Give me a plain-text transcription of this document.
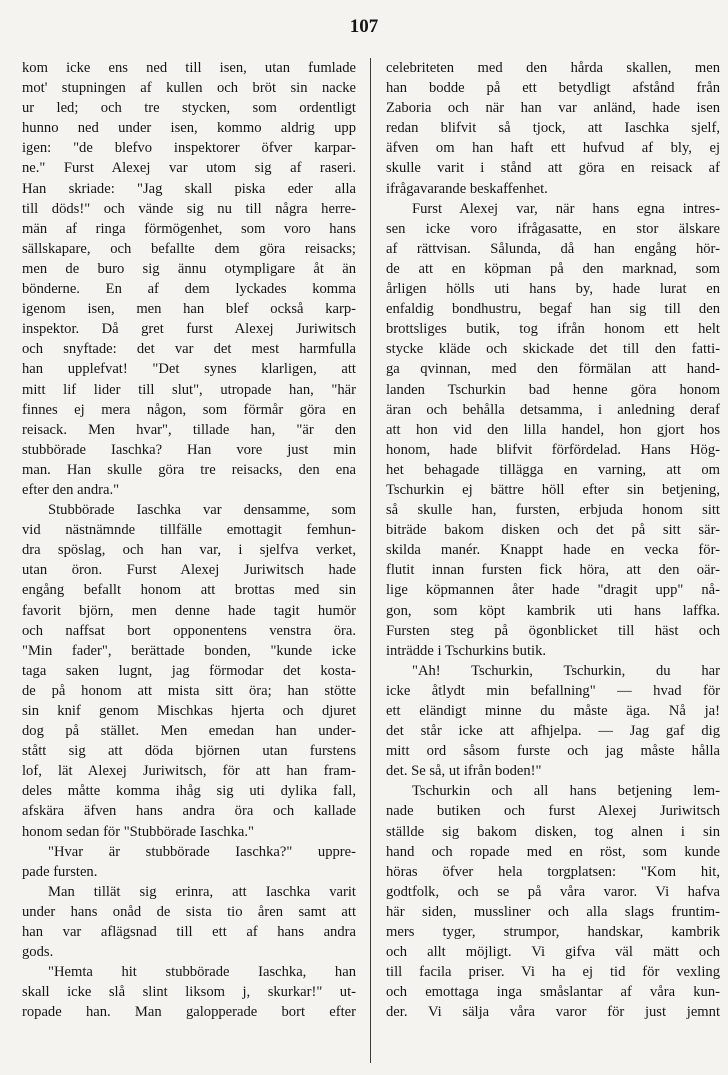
107
kom icke ens ned till isen, utan fumlade
mot' stupningen af kullen och bröt sin nacke
ur led; och tre stycken, som ordentligt
hunno ned under isen, kommo aldrig upp
igen: "de blefvo inspektorer öfver karpar-
ne." Furst Alexej var utom sig af raseri.
Han skriade: "Jag skall piska eder alla
till döds!" och vände sig nu till några herre-
män af ringa förmögenhet, som voro hans
sällskapare, och befallte dem göra reisacks;
men de buro sig ännu otympligare åt än
bönderne. En af dem lyckades komma
igenom isen, men han blef också karp-
inspektor. Då gret furst Alexej Juriwitsch
och snyftade: det var det mest harmfulla
han upplefvat! "Det synes klarligen, att
mitt lif lider till slut", utropade han, "här
finnes ej mera någon, som förmår göra en
reisack. Men hvar", tillade han, "är den
stubbörade Iaschka? Han vore just min
man. Han skulle göra tre reisacks, den ena
efter den andra."
Stubbörade Iaschka var densamme, som
vid nästnämnde tillfälle emottagit femhun-
dra spöslag, och han var, i sjelfva verket,
utan öron. Furst Alexej Juriwitsch hade
engång befallt honom att brottas med sin
favorit björn, men denne hade tagit humör
och naffsat bort opponentens venstra öra.
"Min fader", berättade bonden, "kunde icke
taga saken lugnt, jag förmodar det kosta-
de på honom att mista sitt öra; han stötte
sin knif genom Mischkas hjerta och djuret
dog på stället. Men emedan han under-
stått sig att döda björnen utan furstens
lof, lät Alexej Juriwitsch, för att han fram-
deles måtte komma ihåg sig uti dylika fall,
afskära äfven hans andra öra och kallade
honom sedan för "Stubbörade Iaschka."
"Hvar är stubbörade Iaschka?" uppre-
pade fursten.
Man tillät sig erinra, att Iaschka varit
under hans onåd de sista tio åren samt att
han var aflägsnad till ett af hans andra
gods.
"Hemta hit stubbörade Iaschka, han
skall icke slå slint liksom j, skurkar!" ut-
ropade han. Man galopperade bort efter
celebriteten med den hårda skallen, men
han bodde på ett betydligt afstånd från
Zaboria och när han var anländ, hade isen
redan blifvit så tjock, att Iaschka sjelf,
äfven om han haft ett hufvud af bly, ej
skulle varit i stånd att göra en reisack af
ifrågavarande beskaffenhet.
Furst Alexej var, när hans egna intres-
sen icke voro ifrågasatte, en stor älskare
af rättvisan. Sålunda, då han engång hör-
de att en köpman på den marknad, som
årligen hölls uti hans by, hade lurat en
enfaldig bondhustru, begaf han sig till den
brottsliges butik, tog ifrån honom ett helt
stycke kläde och skickade det till den fatti-
ga qvinnan, med den förmälan att hand-
landen Tschurkin bad henne göra honom
äran och behålla detsamma, i anledning deraf
att hon vid den lilla handel, hon gjort hos
honom, hade blifvit förfördelad. Hans Hög-
het behagade tillägga en varning, att om
Tschurkin ej bättre höll efter sin betjening,
så skulle han, fursten, erbjuda honom sitt
biträde bakom disken och det på sitt sär-
skilda manér. Knappt hade en vecka för-
flutit innan fursten fick höra, att den oär-
lige köpmannen åter hade "dragit upp" nå-
gon, som köpt kambrik uti hans laffka.
Fursten steg på ögonblicket till häst och
inträdde i Tschurkins butik.
"Ah! Tschurkin, Tschurkin, du har
icke åtlydt min befallning" — hvad för
ett eländigt minne du måste äga. Nå ja!
det står icke att afhjelpa. — Jag gaf dig
mitt ord såsom furste och jag måste hålla
det. Se så, ut ifrån boden!"
Tschurkin och all hans betjening lem-
nade butiken och furst Alexej Juriwitsch
ställde sig bakom disken, tog alnen i sin
hand och ropade med en röst, som kunde
höras öfver hela torgplatsen: "Kom hit,
godtfolk, och se på våra varor. Vi hafva
här siden, mussliner och alla slags fruntim-
mers tyger, strumpor, handskar, kambrik
och allt möjligt. Vi gifva väl mätt och
till facila priser. Vi ha ej tid för vexling
och emottaga inga småslantar af våra kun-
der. Vi sälja våra varor för just jemnt
